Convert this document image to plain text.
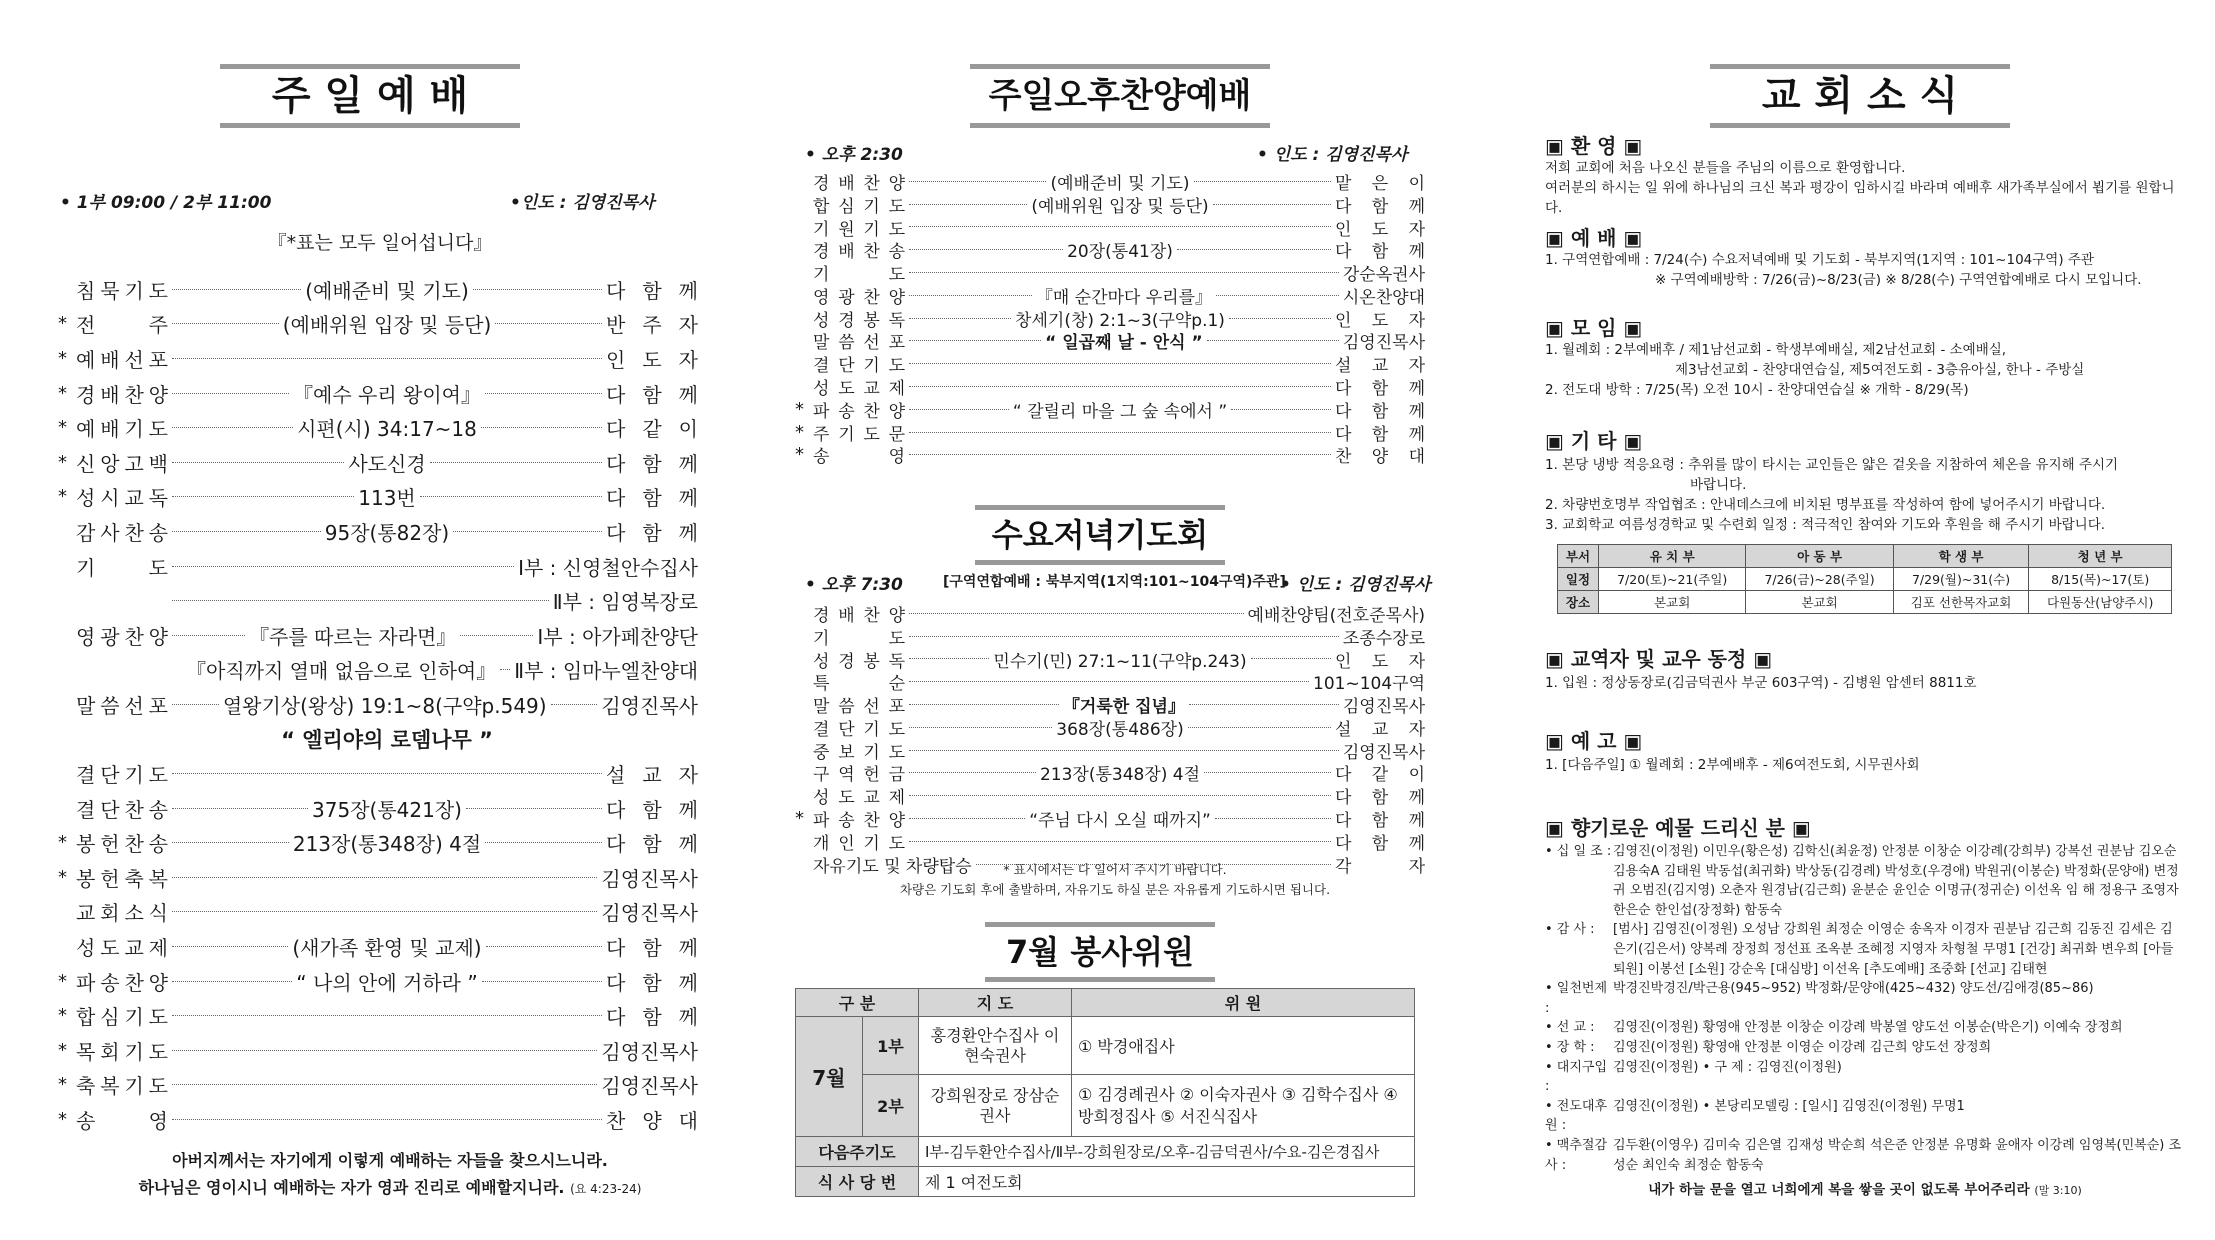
주 일 예 배
• 1부 09:00 / 2부 11:00	•인도 : 김영진목사
『*표는 모두 일어섭니다』
침 묵 기 도	(예배준비 및 기도)	다 함 께
* 전	주	(예배위원 입장 및 등단)	반 주 자
* 예 배 선 포	인 도 자
* 경 배 찬 양	『예수 우리 왕이여』	다 함 께
* 예 배 기 도	시편(시) 34:17~18	다 같 이
* 신 앙 고 백	사도신경	다 함 께
* 성 시 교 독	113번	다 함 께
감 사 찬 송	95장(통82장)	다 함 께
기	도	Ⅰ부 : 신영철안수집사
Ⅱ부 : 임영복장로
영 광 찬 양	『주를 따르는 자라면』	Ⅰ부 : 아가페찬양단
『아직까지 열매 없음으로 인하여』 Ⅱ부 : 임마누엘찬양대
말 씀 선 포	열왕기상(왕상) 19:1~8(구약p.549)	김영진목사
“ 엘리야의 로뎀나무 ”
결 단 기 도	설 교 자
결 단 찬 송	375장(통421장)	다 함 께
* 봉 헌 찬 송	213장(통348장) 4절	다 함 께
* 봉 헌 축 복	김영진목사
교 회 소 식	김영진목사
성 도 교 제	(새가족 환영 및 교제)	다 함 께
* 파 송 찬 양	“ 나의 안에 거하라 ”	다 함 께
* 합 심 기 도	다 함 께
* 목 회 기 도	김영진목사
* 축 복 기 도	김영진목사
* 송	영	찬 양 대
아버지께서는 자기에게 이렇게 예배하는 자들을 찾으시느니라.
하나님은 영이시니 예배하는 자가 영과 진리로 예배할지니라. (요 4:23-24)
주일오후찬양예배
• 오후 2:30	• 인도 : 김영진목사
경 배 찬 양	(예배준비 및 기도)	맡 은 이
합 심 기 도	(예배위원 입장 및 등단)	다 함 께
기 원 기 도	인 도 자
경 배 찬 송	20장(통41장)	다 함 께
기	도	강순옥권사
영 광 찬 양	『매 순간마다 우리를』	시온찬양대
성 경 봉 독	창세기(창) 2:1~3(구약p.1)	인 도 자
말 씀 선 포	“ 일곱째 날 - 안식 ”	김영진목사
결 단 기 도	설 교 자
성 도 교 제	다 함 께
* 파 송 찬 양	“ 갈릴리 마을 그 숲 속에서 ”	다 함 께
* 주 기 도 문	다 함 께
* 송	영	찬 양 대
수요저녁기도회
• 오후 7:30	[구역연합예배 : 북부지역(1지역:101~104구역)주관]
• 인도 : 김영진목사
경 배 찬 양	예배찬양팀(전호준목사)
기	도	조종수장로
성 경 봉 독	민수기(민) 27:1~11(구약p.243)	인 도 자
특	순	101~104구역
말 씀 선 포	『거룩한 집념』	김영진목사
결 단 기 도	368장(통486장)	설 교 자
중 보 기 도	김영진목사
구 역 헌 금	213장(통348장) 4절	다 같 이
성 도 교 제	다 함 께
* 파 송 찬 양	“주님 다시 오실 때까지”	다 함 께
개 인 기 도	다 함 께
자유기도 및 차량탑승	각	자
* 표시에서는 다 일어서 주시기 바랍니다.
차량은 기도회 후에 출발하며, 자유기도 하실 분은 자유롭게 기도하시면 됩니다.
7월 봉사위원
구 분		지 도	위 원
7월	1부	홍경환안수집사 이현숙권사	① 박경애집사
	2부	강희원장로 장삼순권사	① 김경례권사 ② 이숙자권사 ③ 김학수집사 ④ 방희정집사 ⑤ 서진식집사
다음주기도		Ⅰ부-김두환안수집사/Ⅱ부-강희원장로/오후-김금덕권사/수요-김은경집사	
식 사 당 번		제 1 여전도회	
교 회 소 식
▣ 환 영 ▣
저희 교회에 처음 나오신 분들을 주님의 이름으로 환영합니다.
여러분의 하시는 일 위에 하나님의 크신 복과 평강이 임하시길 바라며 예배후 새가족부실에서 뵙기를 원합니다.
▣ 예 배 ▣
1. 구역연합예배 : 7/24(수) 수요저녁예배 및 기도회 - 북부지역(1지역 : 101~104구역) 주관
※ 구역예배방학 : 7/26(금)~8/23(금) ※ 8/28(수) 구역연합예배로 다시 모입니다.
▣ 모 임 ▣
1. 월례회 : 2부예배후 / 제1남선교회 - 학생부예배실, 제2남선교회 - 소예배실,
제3남선교회 - 찬양대연습실, 제5여전도회 - 3층유아실, 한나 - 주방실
2. 전도대 방학 : 7/25(목) 오전 10시 - 찬양대연습실 ※ 개학 - 8/29(목)
▣ 기 타 ▣
1. 본당 냉방 적응요령 : 추위를 많이 타시는 교인들은 얇은 겉옷을 지참하여 체온을 유지해 주시기
바랍니다.
2. 차량번호명부 작업협조 : 안내데스크에 비치된 명부표를 작성하여 함에 넣어주시기 바랍니다.
3. 교회학교 여름성경학교 및 수련회 일정 : 적극적인 참여와 기도와 후원을 해 주시기 바랍니다.
부서	유 치 부	아 동 부	학 생 부	청 년 부
일정	7/20(토)~21(주일)	7/26(금)~28(주일)	7/29(월)~31(수)	8/15(목)~17(토)
장소	본교회	본교회	김포 선한목자교회	다원동산(남양주시)
▣ 교역자 및 교우 동정 ▣
1. 입원 : 정상동장로(김금덕권사 부군 603구역) - 김병원 암센터 8811호
▣ 예 고 ▣
1. [다음주일] ① 월례회 : 2부예배후 - 제6여전도회, 시무권사회
▣ 향기로운 예물 드리신 분 ▣
• 십 일 조 : 김영진(이정원) 이민우(황은성) 김학신(최윤정) 안정분 이창순 이강례(강희부) 강복선 권분남 김오순 김용숙A 김태원 박동섭(최귀화) 박상동(김경례) 박성호(우경애) 박원귀(이봉순) 박정화(문양애) 변정귀 오범진(김지영) 오춘자 원경남(김근희) 윤분순 윤인순 이명규(정귀순) 이선옥 임 해 정용구 조영자 한은순 한인섭(장정화) 함동숙
• 감 사 :	[범사] 김영진(이정원) 오성남 강희원 최정순 이영순 송옥자 이경자 권분남 김근희 김동진 김세은 김은기(김은서) 양복례 장정희 정선표 조옥분 조혜정 지영자 차형철 무명1 [건강] 최귀화 변우희 [아들퇴원] 이봉선 [소원] 강순옥 [대심방] 이선옥 [추도예배] 조중화 [선교] 김태현
• 일천번제 :
박경진박경진/박근용(945~952) 박정화/문양애(425~432) 양도선/김애경(85~86)
• 선 교 :	김영진(이정원) 황영애 안정분 이창순 이강례 박봉열 양도선 이봉순(박은기) 이예숙 장정희
• 장 학 :	김영진(이정원) 황영애 안정분 이영순 이강례 김근희 양도선 장정희
• 대지구입 :
김영진(이정원) • 구 제 : 김영진(이정원)
• 전도대후원 :
김영진(이정원) • 본당리모델링 : [일시] 김영진(이정원) 무명1
• 맥추절감사 :
김두환(이영우) 김미숙 김은열 김재성 박순희 석은준 안정분 유명화 윤애자 이강례 임영복(민복순) 조성순 최인숙 최정순 함동숙
내가 하늘 문을 열고 너희에게 복을 쌓을 곳이 없도록 부어주리라 (말 3:10)
